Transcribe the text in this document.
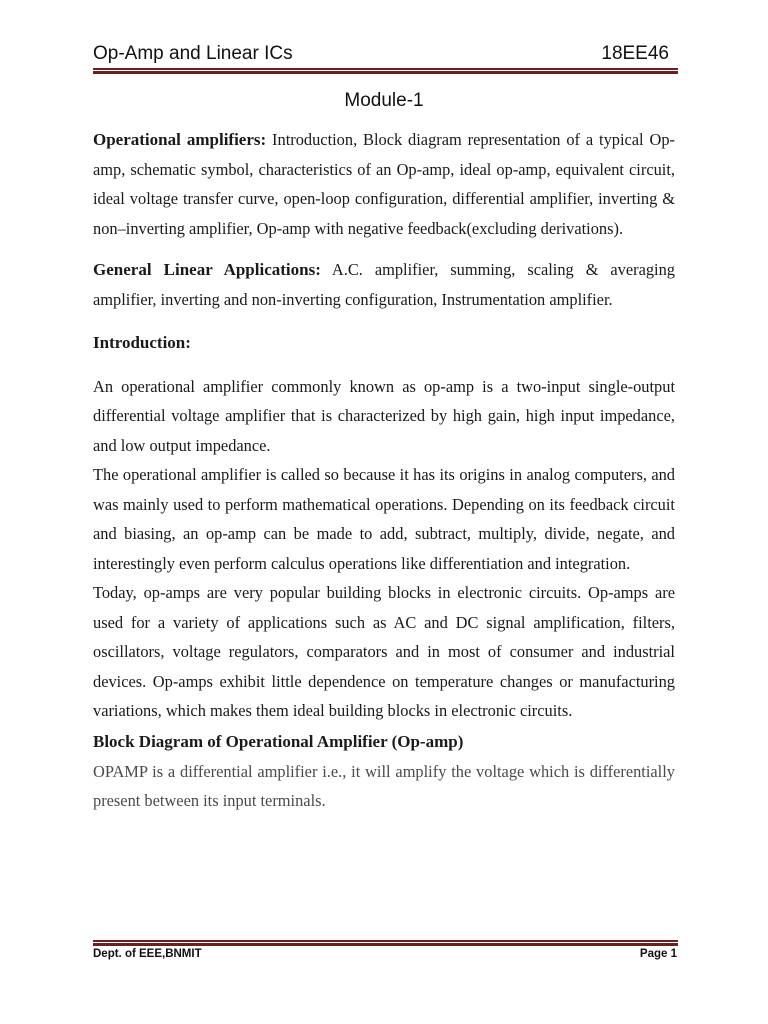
Op-Amp and Linear ICs	18EE46
Module-1

Operational amplifiers: Introduction, Block diagram representation of a typical Op-amp, schematic symbol, characteristics of an Op-amp, ideal op-amp, equivalent circuit, ideal voltage transfer curve, open-loop configuration, differential amplifier, inverting & non–inverting amplifier, Op-amp with negative feedback(excluding derivations).

General Linear Applications: A.C. amplifier, summing, scaling & averaging amplifier, inverting and non-inverting configuration, Instrumentation amplifier.

Introduction:

An operational amplifier commonly known as op-amp is a two-input single-output differential voltage amplifier that is characterized by high gain, high input impedance, and low output impedance.

The operational amplifier is called so because it has its origins in analog computers, and was mainly used to perform mathematical operations. Depending on its feedback circuit and biasing, an op-amp can be made to add, subtract, multiply, divide, negate, and interestingly even perform calculus operations like differentiation and integration.

Today, op-amps are very popular building blocks in electronic circuits. Op-amps are used for a variety of applications such as AC and DC signal amplification, filters, oscillators, voltage regulators, comparators and in most of consumer and industrial devices. Op-amps exhibit little dependence on temperature changes or manufacturing variations, which makes them ideal building blocks in electronic circuits.

Block Diagram of Operational Amplifier (Op-amp)

OPAMP is a differential amplifier i.e., it will amplify the voltage which is differentially present between its input terminals.

Dept. of EEE,BNMIT	Page 1
